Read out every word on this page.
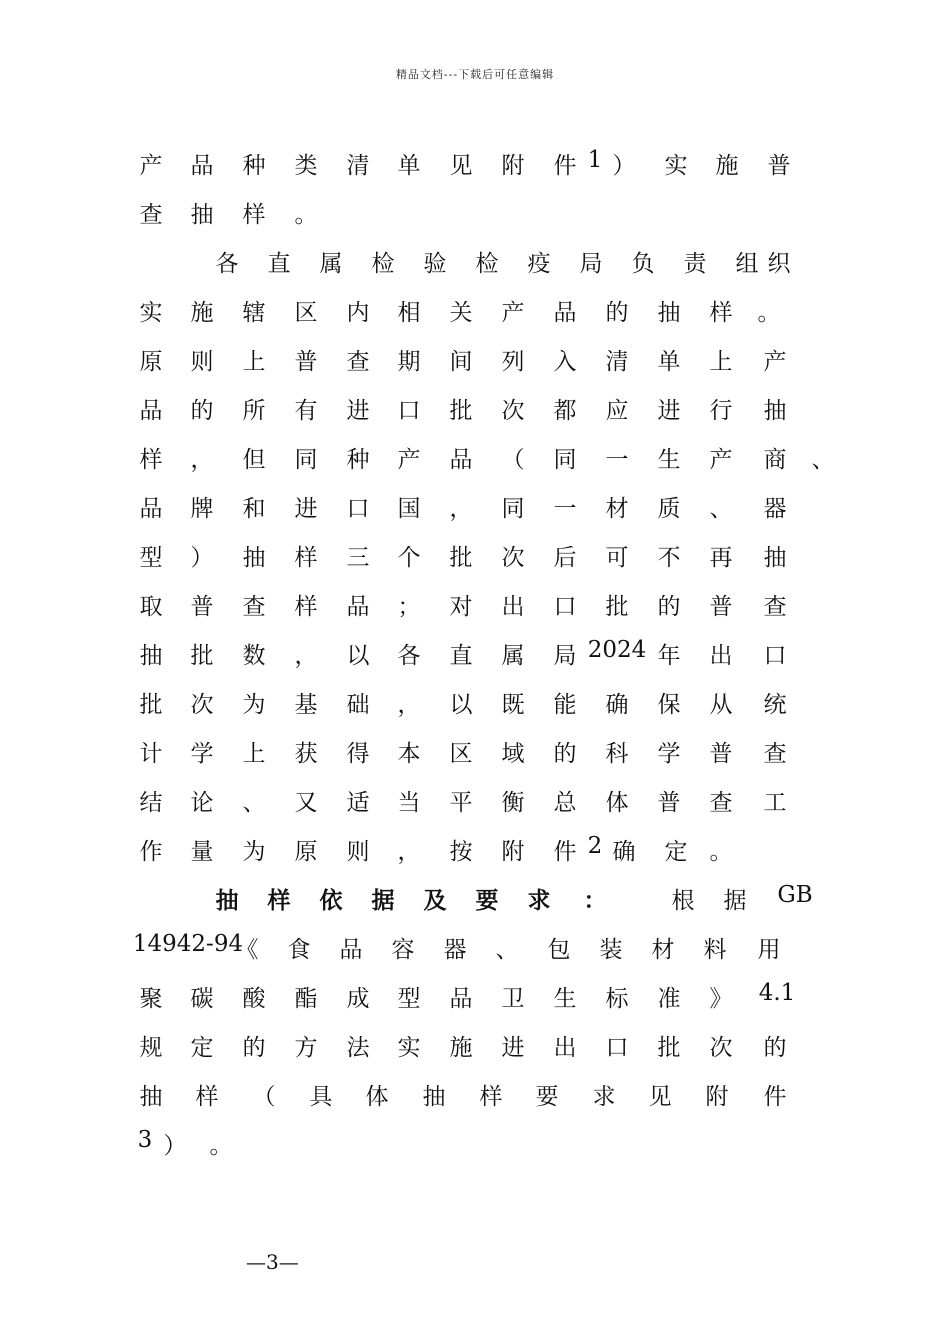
精品文档---下载后可任意编辑
产 品 种 类 清 单 见 附 件 1 ） 实 施 普
查 抽 样 。
各 直 属 检 验 检 疫 局 负 责 组 织
实 施 辖 区 内 相 关 产 品 的 抽 样 。
原 则 上 普 查 期 间 列 入 清 单 上 产
品 的 所 有 进 口 批 次 都 应 进 行 抽
样 ， 但 同 种 产 品 （ 同 一 生 产 商 、
品 牌 和 进 口 国 ， 同 一 材 质 、 器
型 ） 抽 样 三 个 批 次 后 可 不 再 抽
取 普 查 样 品 ； 对 出 口 批 的 普 查
抽 批 数 ， 以 各 直 属 局 2024 年 出 口
批 次 为 基 础 ， 以 既 能 确 保 从 统
计 学 上 获 得 本 区 域 的 科 学 普 查
结 论 、 又 适 当 平 衡 总 体 普 查 工
作 量 为 原 则 ， 按 附 件 2 确 定 。
抽 样 依 据 及 要 求 ：	根 据 GB
14942-94
《 食 品 容 器 、 包 装 材 料 用
聚 碳 酸 酯 成 型 品 卫 生 标 准 》 4.1
规 定 的 方 法 实 施 进 出 口 批 次 的
抽 样 （ 具 体 抽 样 要 求 见 附 件
3 ） 。
—3—
